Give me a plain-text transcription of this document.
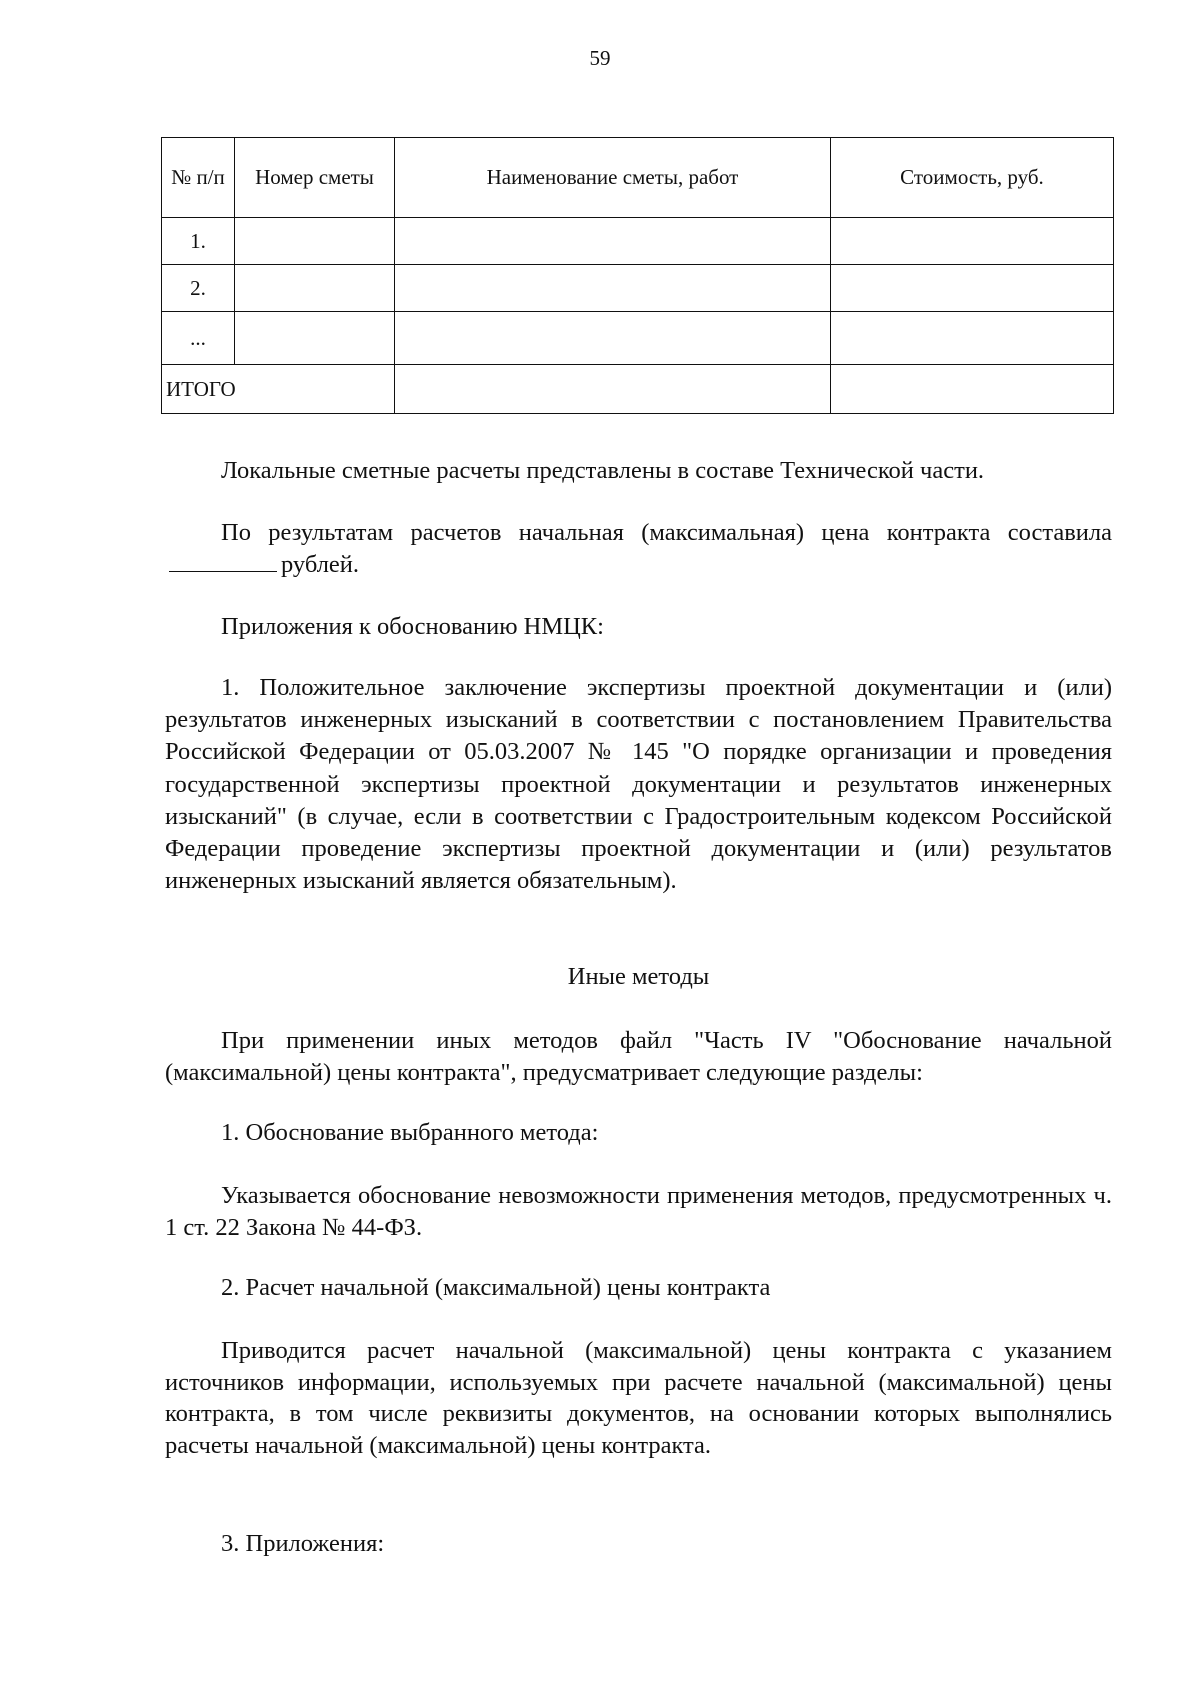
59
№ п/п	Номер сметы	Наименование сметы, работ	Стоимость, руб.
1.			
2.			
...			
ИТОГО			
Локальные сметные расчеты представлены в составе Технической части.
По результатам расчетов начальная (максимальная) цена контракта составиларублей.
Приложения к обоснованию НМЦК:
1. Положительное заключение экспертизы проектной документации и (или) результатов инженерных изысканий в соответствии с постановлением Правительства Российской Федерации от 05.03.2007 № 145 "О порядке организации и проведения государственной экспертизы проектной документации и результатов инженерных изысканий" (в случае, если в соответствии с Градостроительным кодексом Российской Федерации проведение экспертизы проектной документации и (или) результатов инженерных изысканий является обязательным).
Иные методы
При применении иных методов файл "Часть IV "Обоснование начальной (максимальной) цены контракта", предусматривает следующие разделы:
1. Обоснование выбранного метода:
Указывается обоснование невозможности применения методов, предусмотренных ч. 1 ст. 22 Закона № 44-ФЗ.
2. Расчет начальной (максимальной) цены контракта
Приводится расчет начальной (максимальной) цены контракта с указанием источников информации, используемых при расчете начальной (максимальной) цены контракта, в том числе реквизиты документов, на основании которых выполнялись расчеты начальной (максимальной) цены контракта.
3. Приложения:
